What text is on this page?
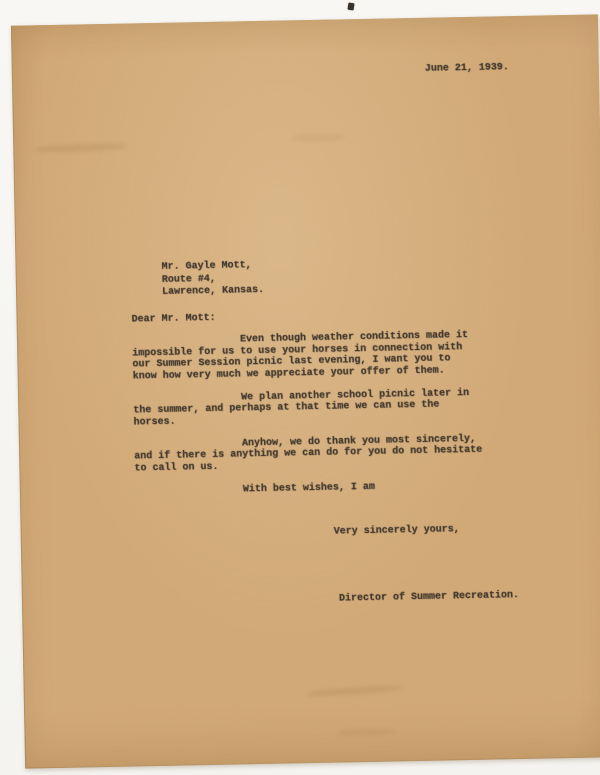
June 21, 1939.
Mr. Gayle Mott,
Route #4,
Lawrence, Kansas.
Dear Mr. Mott:
Even though weather conditions made it
impossible for us to use your horses in connection with
our Summer Session picnic last evening, I want you to
know how very much we appreciate your offer of them.

We plan another school picnic later in
the summer, and perhaps at that time we can use the
horses.

Anyhow, we do thank you most sincerely,
and if there is anything we can do for you do not hesitate
to call on us.

With best wishes, I am
Very sincerely yours,
Director of Summer Recreation.
